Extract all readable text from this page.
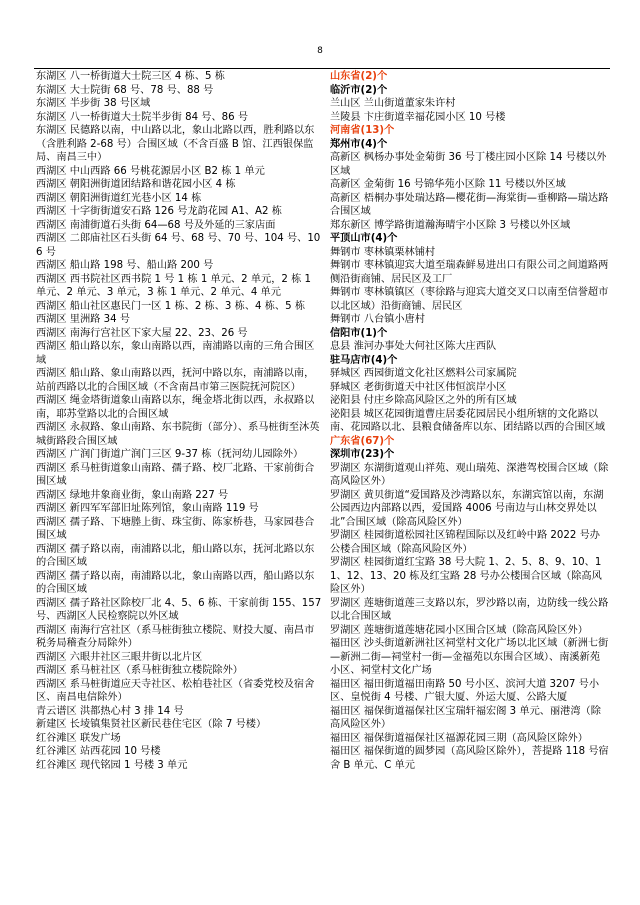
8
东湖区 八一桥街道大士院三区 4 栋、5 栋
东湖区 大士院街 68 号、78 号、88 号
东湖区 半步街 38 号区域
东湖区 八一桥街道大士院半步街 84 号、86 号
东湖区 民德路以南，中山路以北，象山北路以西，胜利路以东（含胜利路 2-68 号）合围区域（不含百盛 B 馆、江西银保监局、南昌三中）
西湖区 中山西路 66 号桃花源居小区 B2 栋 1 单元
西湖区 朝阳洲街道团结路和谐花园小区 4 栋
西湖区 朝阳洲街道红光巷小区 14 栋
西湖区 十字街街道安石路 126 号龙韵花园 A1、A2 栋
西湖区 南浦街道石头街 64—68 号及外延的三家店面
西湖区 二郎庙社区石头街 64 号、68 号、70 号、104 号、106 号
西湖区 船山路 198 号、船山路 200 号
西湖区 西书院社区西书院 1 号 1 栋 1 单元、2 单元，2 栋 1 单元、2 单元、3 单元，3 栋 1 单元、2 单元、4 单元
西湖区 船山社区惠民门一区 1 栋、2 栋、3 栋、4 栋、5 栋
西湖区 里洲路 34 号
西湖区 南海行宫社区下家大屋 22、23、26 号
西湖区 船山路以东，象山南路以西，南浦路以南的三角合围区域
西湖区 船山路、象山南路以西，抚河中路以东，南浦路以南，站前西路以北的合围区域（不含南昌市第三医院抚河院区）
西湖区 绳金塔街道象山南路以东，绳金塔北街以西，永叔路以南，耶苏堂路以北的合围区域
西湖区 永叔路、象山南路、东书院街（部分）、系马桩街至沐英城街路段合围区域
西湖区 广润门街道广润门三区 9-37 栋（抚河幼儿园除外）
西湖区 系马桩街道象山南路、孺子路、校厂北路、干家前街合围区域
西湖区 绿地井象商业街，象山南路 227 号
西湖区 新四军军部旧址陈列馆，象山南路 119 号
西湖区 孺子路、下塘塍上街、珠宝街、陈家桥巷，马家园巷合围区域
西湖区 孺子路以南，南浦路以北，船山路以东，抚河北路以东的合围区域
西湖区 孺子路以南，南浦路以北，象山南路以西，船山路以东的合围区域
西湖区 孺子路社区除校厂北 4、5、6 栋、干家前街 155、157 号、西湖区人民检察院以外区域
西湖区 南海行宫社区（系马桩街独立楼院、财投大厦、南昌市税务局稽查分局除外）
西湖区 六眼井社区三眼井街以北片区
西湖区 系马桩社区（系马桩街独立楼院除外）
西湖区 系马桩街道应天寺社区、松柏巷社区（省委党校及宿舍区、南昌电信除外）
青云谱区 洪都热心村 3 排 14 号
新建区 长堎镇集贤社区新民巷住宅区（除 7 号楼）
红谷滩区 联发广场
红谷滩区 站西花园 10 号楼
红谷滩区 现代铭园 1 号楼 3 单元
山东省(2)个
临沂市(2)个
兰山区 兰山街道董家朱许村
兰陵县 卞庄街道幸福花园小区 10 号楼
河南省(13)个
郑州市(4)个
高新区 枫杨办事处金菊街 36 号丁楼庄园小区除 14 号楼以外区域
高新区 金菊街 16 号锦华苑小区除 11 号楼以外区域
高新区 梧桐办事处瑞达路—樱花街—海棠街—垂柳路—瑞达路合围区域
郑东新区 博学路街道瀚海晴宇小区除 3 号楼以外区域
平顶山市(4)个
舞钢市 枣林镇栗林铺村
舞钢市 枣林镇迎宾大道至瑞森鲜易进出口有限公司之间道路两侧沿街商铺、居民区及工厂
舞钢市 枣林镇镇区（枣徐路与迎宾大道交叉口以南至信誉超市以北区域）沿街商铺、居民区
舞钢市 八台镇小唐村
信阳市(1)个
息县 淮河办事处大何社区陈大庄西队
驻马店市(4)个
驿城区 西园街道文化社区燃料公司家属院
驿城区 老街街道天中社区伟恒滨岸小区
泌阳县 付庄乡除高风险区之外的所有区域
泌阳县 城区花园街道曹庄居委花园居民小组所辖的文化路以南、花园路以北、县粮食储备库以东、团结路以西的合围区域
广东省(67)个
深圳市(23)个
罗湖区 东湖街道观山祥苑、观山瑞苑、深港驾校围合区域（除高风险区外）
罗湖区 黄贝街道“爱国路及沙湾路以东，东湖宾馆以南，东湖公园西边内部路以西，爱国路 4006 号南边与山林交界处以北”合围区域（除高风险区外）
罗湖区 桂园街道松园社区锦程国际以及红岭中路 2022 号办公楼合围区域（除高风险区外）
罗湖区 桂园街道红宝路 38 号大院 1、2、5、8、9、10、11、12、13、20 栋及红宝路 28 号办公楼围合区域（除高风险区外）
罗湖区 莲塘街道莲三支路以东，罗沙路以南，边防线一线公路以北合围区域
罗湖区 莲塘街道莲塘花园小区围合区域（除高风险区外）
福田区 沙头街道新洲社区祠堂村文化广场以北区域（新洲七街—新洲二街—祠堂村一街—金福苑以东围合区域）、南溪新苑小区、祠堂村文化广场
福田区 福田街道福田南路 50 号小区、滨河大道 3207 号小区、皇悦街 4 号楼、广银大厦、外运大厦、公路大厦
福田区 福保街道福保社区宝瑞轩福宏阁 3 单元、丽港湾（除高风险区外）
福田区 福保街道福保社区福源花园三期（高风险区除外）
福田区 福保街道的圆梦园（高风险区除外），菩提路 118 号宿舍 B 单元、C 单元
